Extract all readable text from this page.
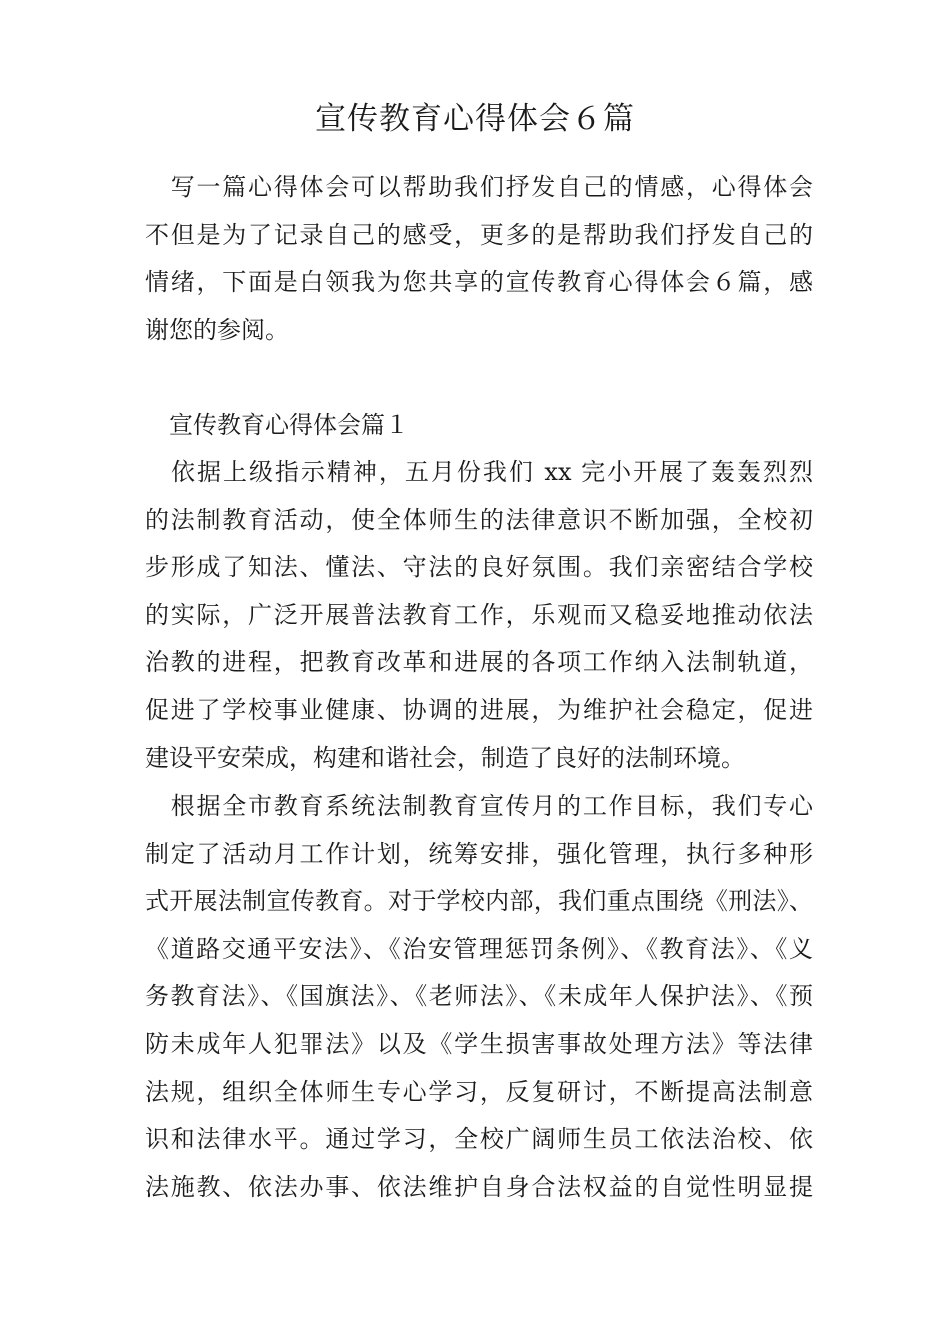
宣传教育心得体会６篇
　写一篇心得体会可以帮助我们抒发自己的情感，心得体会
不但是为了记录自己的感受，更多的是帮助我们抒发自己的
情绪，下面是白领我为您共享的宣传教育心得体会６篇，感
谢您的参阅。
宣传教育心得体会篇１
　依据上级指示精神，五月份我们 xx 完小开展了轰轰烈烈
的法制教育活动，使全体师生的法律意识不断加强，全校初
步形成了知法、懂法、守法的良好氛围。我们亲密结合学校
的实际，广泛开展普法教育工作，乐观而又稳妥地推动依法
治教的进程，把教育改革和进展的各项工作纳入法制轨道，
促进了学校事业健康、协调的进展，为维护社会稳定，促进
建设平安荣成，构建和谐社会，制造了良好的法制环境。
　根据全市教育系统法制教育宣传月的工作目标，我们专心
制定了活动月工作计划，统筹安排，强化管理，执行多种形
式开展法制宣传教育。对于学校内部，我们重点围绕《刑法》、
《道路交通平安法》、《治安管理惩罚条例》、《教育法》、《义
务教育法》、《国旗法》、《老师法》、《未成年人保护法》、《预
防未成年人犯罪法》以及《学生损害事故处理方法》等法律
法规，组织全体师生专心学习，反复研讨，不断提高法制意
识和法律水平。通过学习，全校广阔师生员工依法治校、依
法施教、依法办事、依法维护自身合法权益的自觉性明显提
